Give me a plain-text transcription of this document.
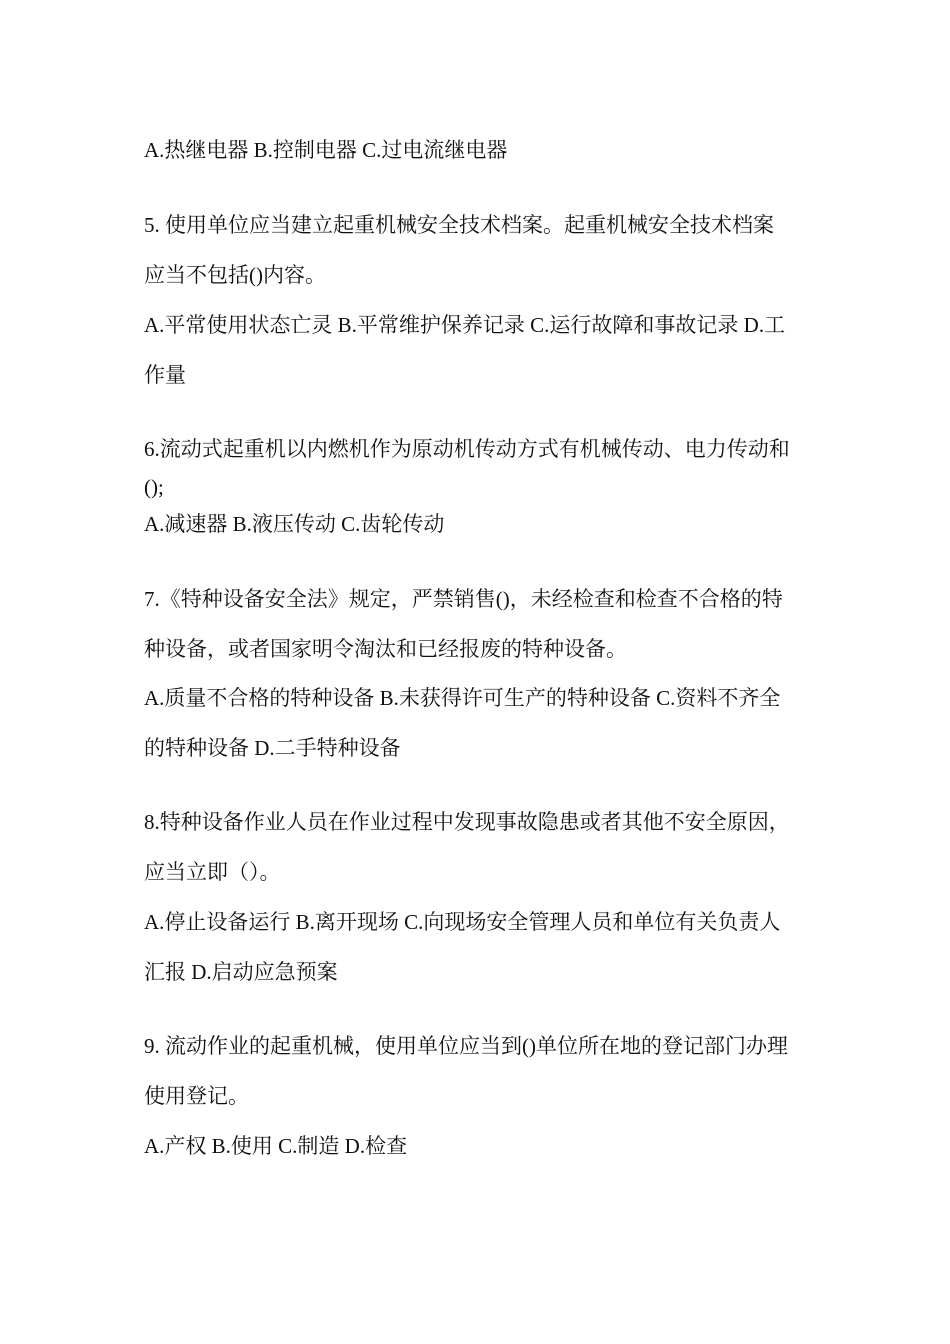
A.热继电器 B.控制电器 C.过电流继电器
5. 使用单位应当建立起重机械安全技术档案。起重机械安全技术档案
应当不包括()内容。
A.平常使用状态亡灵 B.平常维护保养记录 C.运行故障和事故记录 D.工
作量
6.流动式起重机以内燃机作为原动机传动方式有机械传动、电力传动和
();
A.减速器 B.液压传动 C.齿轮传动
7.《特种设备安全法》规定，严禁销售()，未经检查和检查不合格的特
种设备，或者国家明令淘汰和已经报废的特种设备。
A.质量不合格的特种设备 B.未获得许可生产的特种设备 C.资料不齐全
的特种设备 D.二手特种设备
8.特种设备作业人员在作业过程中发现事故隐患或者其他不安全原因，
应当立即（）。
A.停止设备运行 B.离开现场 C.向现场安全管理人员和单位有关负责人
汇报 D.启动应急预案
9. 流动作业的起重机械，使用单位应当到()单位所在地的登记部门办理
使用登记。
A.产权 B.使用 C.制造 D.检查
